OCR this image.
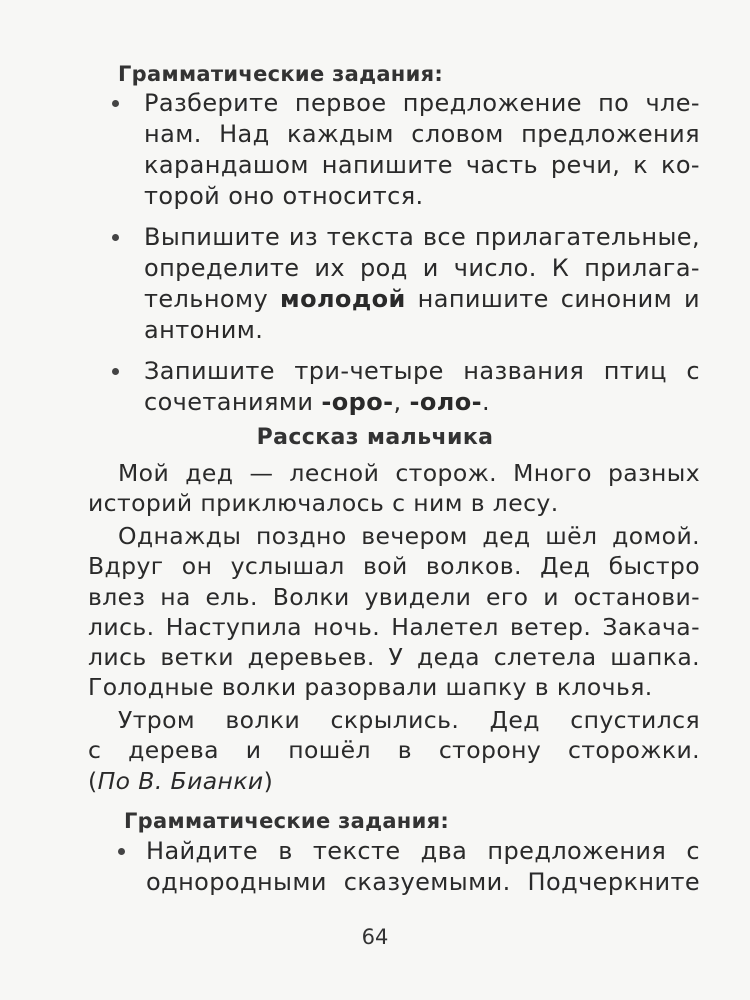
Грамматические задания:
Разберите первое предложение по чле-
нам. Над каждым словом предложения
карандашом напишите часть речи, к ко-
торой оно относится.
Выпишите из текста все прилагательные,
определите их род и число. К прилага-
тельному молодой напишите синоним и
антоним.
Запишите три-четыре названия птиц с
сочетаниями -оро-, -оло-.
Рассказ мальчика
Мой дед — лесной сторож. Много разных
историй приключалось с ним в лесу.
Однажды поздно вечером дед шёл домой.
Вдруг он услышал вой волков. Дед быстро
влез на ель. Волки увидели его и останови-
лись. Наступила ночь. Налетел ветер. Закача-
лись ветки деревьев. У деда слетела шапка.
Голодные волки разорвали шапку в клочья.
Утром волки скрылись. Дед спустился
с дерева и пошёл в сторону сторожки.
(По В. Бианки)
Грамматические задания:
Найдите в тексте два предложения с
однородными сказуемыми. Подчеркните
64
